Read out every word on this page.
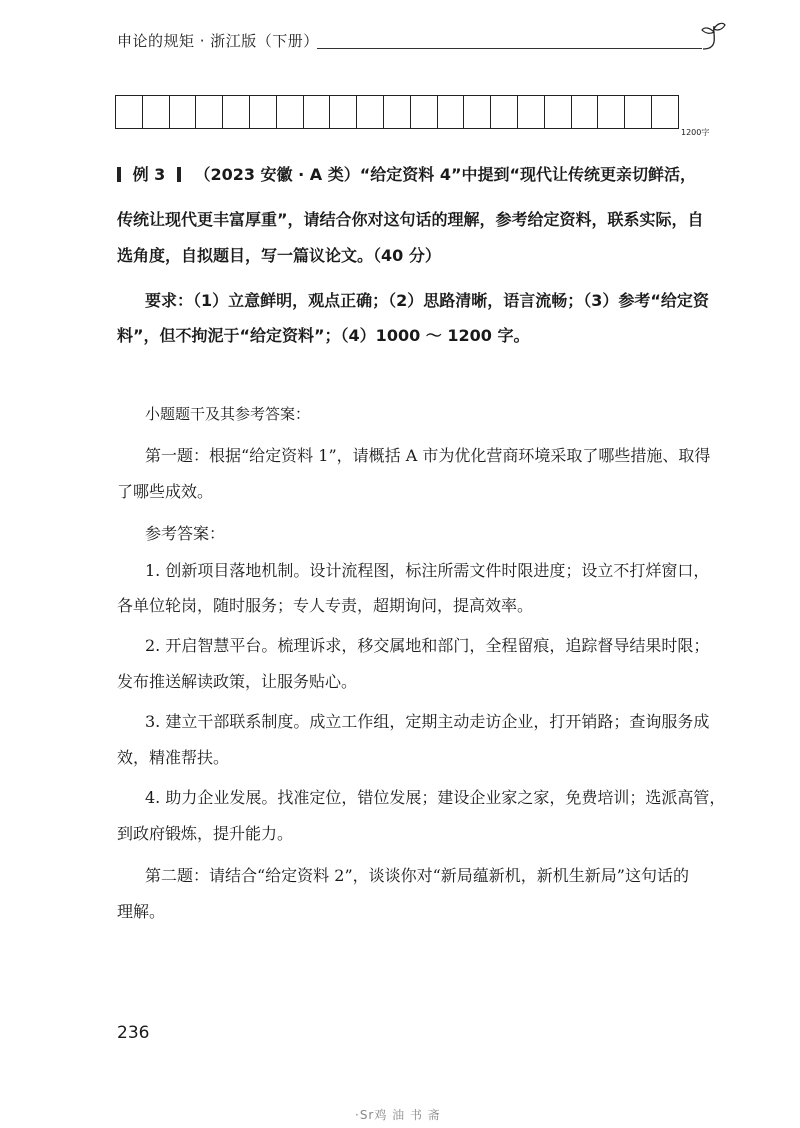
申论的规矩 · 浙江版（下册）
1200字
例 3 （2023 安徽 · A 类）“给定资料 4”中提到“现代让传统更亲切鲜活，
传统让现代更丰富厚重”，请结合你对这句话的理解，参考给定资料，联系实际，自
选角度，自拟题目，写一篇议论文。（40 分）
要求：（1）立意鲜明，观点正确；（2）思路清晰，语言流畅；（3）参考“给定资
料”，但不拘泥于“给定资料”；（4）1000 ～ 1200 字。
小题题干及其参考答案：
第一题：根据“给定资料 1”，请概括 A 市为优化营商环境采取了哪些措施、取得
了哪些成效。
参考答案：
1. 创新项目落地机制。设计流程图，标注所需文件时限进度；设立不打烊窗口，
各单位轮岗，随时服务；专人专责，超期询问，提高效率。
2. 开启智慧平台。梳理诉求，移交属地和部门，全程留痕，追踪督导结果时限；
发布推送解读政策，让服务贴心。
3. 建立干部联系制度。成立工作组，定期主动走访企业，打开销路；查询服务成
效，精准帮扶。
4. 助力企业发展。找准定位，错位发展；建设企业家之家，免费培训；选派高管，
到政府锻炼，提升能力。
第二题：请结合“给定资料 2”，谈谈你对“新局蕴新机，新机生新局”这句话的
理解。
236
·Sr鸡 油 书 斋
